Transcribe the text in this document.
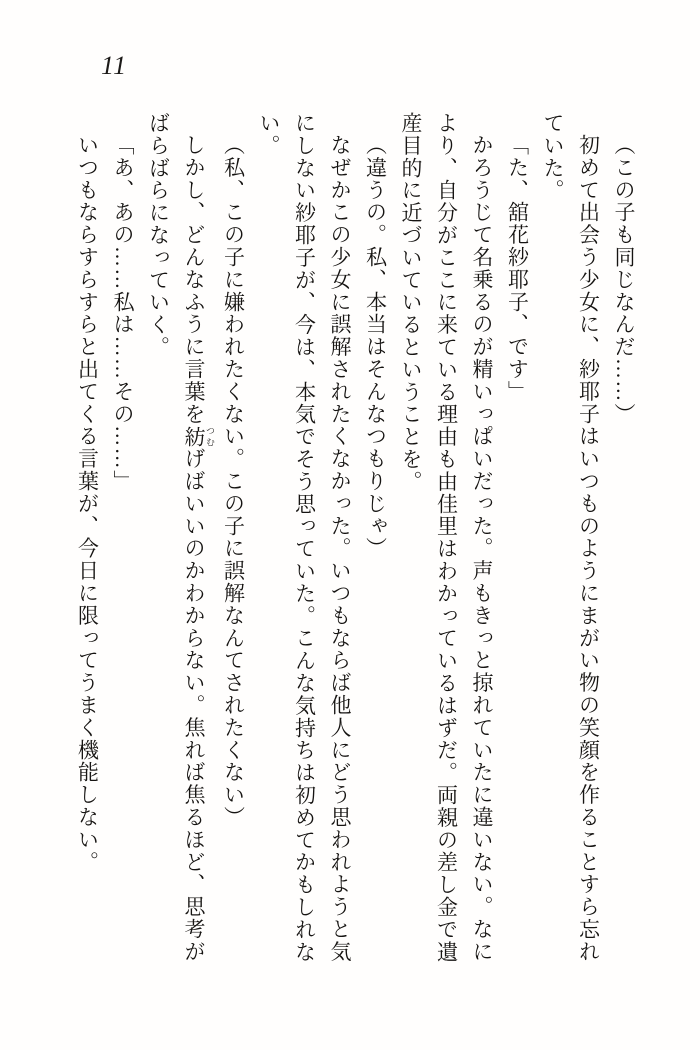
11
（この子も同じなんだ……）
初めて出会う少女に、紗耶子はいつものようにまがい物の笑顔を作ることすら忘れ
ていた。
「た、舘花紗耶子、です」
かろうじて名乗るのが精いっぱいだった。声もきっと掠れていたに違いない。なに
より、自分がここに来ている理由も由佳里はわかっているはずだ。両親の差し金で遺
産目的に近づいているということを。
（違うの。私、本当はそんなつもりじゃ）
なぜかこの少女に誤解されたくなかった。いつもならば他人にどう思われようと気
にしない紗耶子が、今は、本気でそう思っていた。こんな気持ちは初めてかもしれな
い。
（私、この子に嫌われたくない。この子に誤解なんてされたくない）
しかし、どんなふうに言葉を紡 つむげばいいのかわからない。焦れば焦るほど、思考が
ばらばらになっていく。
「あ、あの……私は……その……」
いつもならすらすらと出てくる言葉が、今日に限ってうまく機能しない。
